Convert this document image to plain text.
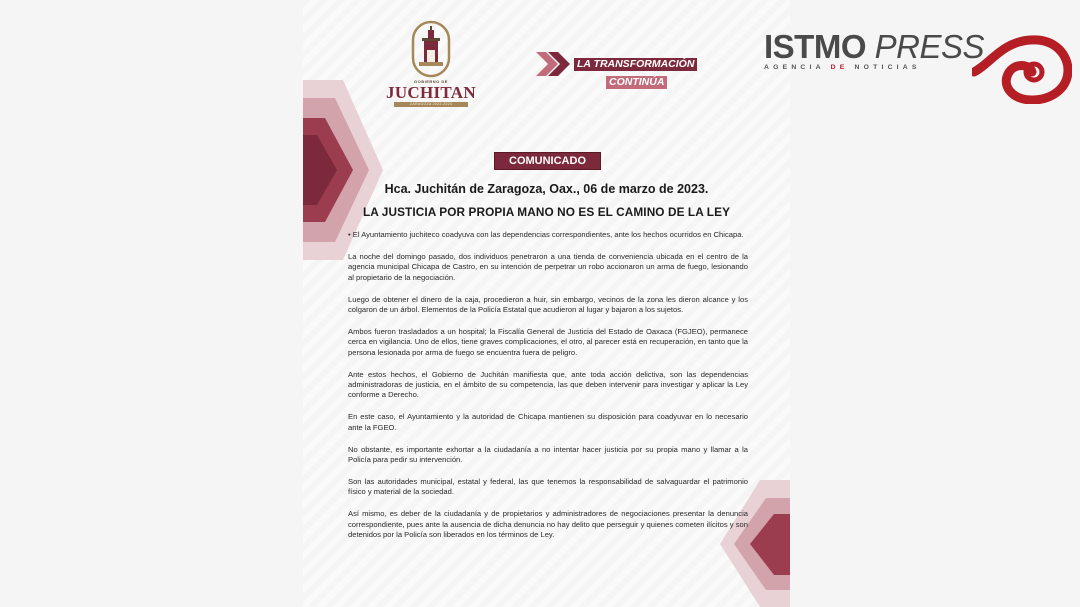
GOBIERNO DE
JUCHITAN
ZARAGOZA 2022-2024
LA TRANSFORMACIÓN
CONTINÚA
COMUNICADO
Hca. Juchitán de Zaragoza, Oax., 06 de marzo de 2023.
LA JUSTICIA POR PROPIA MANO NO ES EL CAMINO DE LA LEY

• El Ayuntamiento juchiteco coadyuva con las dependencias correspondientes, ante los hechos ocurridos en Chicapa.

La noche del domingo pasado, dos individuos penetraron a una tienda de conveniencia ubicada en el centro de la agencia municipal Chicapa de Castro, en su intención de perpetrar un robo accionaron un arma de fuego, lesionando al propietario de la negociación.

Luego de obtener el dinero de la caja, procedieron a huir, sin embargo, vecinos de la zona les dieron alcance y los colgaron de un árbol. Elementos de la Policía Estatal que acudieron al lugar y bajaron a los sujetos.

Ambos fueron trasladados a un hospital; la Fiscalía General de Justicia del Estado de Oaxaca (FGJEO), permanece cerca en vigilancia. Uno de ellos, tiene graves complicaciones, el otro, al parecer está en recuperación, en tanto que la persona lesionada por arma de fuego se encuentra fuera de peligro.

Ante estos hechos, el Gobierno de Juchitán manifiesta que, ante toda acción delictiva, son las dependencias administradoras de justicia, en el ámbito de su competencia, las que deben intervenir para investigar y aplicar la Ley conforme a Derecho.

En este caso, el Ayuntamiento y la autoridad de Chicapa mantienen su disposición para coadyuvar en lo necesario ante la FGEO.

No obstante, es importante exhortar a la ciudadanía a no intentar hacer justicia por su propia mano y llamar a la Policía para pedir su intervención.

Son las autoridades municipal, estatal y federal, las que tenemos la responsabilidad de salvaguardar el patrimonio físico y material de la sociedad.

Así mismo, es deber de la ciudadanía y de propietarios y administradores de negociaciones presentar la denuncia correspondiente, pues ante la ausencia de dicha denuncia no hay delito que perseguir y quienes cometen ilícitos y son detenidos por la Policía son liberados en los términos de Ley.

ISTMO PRESS
AGENCIA DE NOTICIAS
